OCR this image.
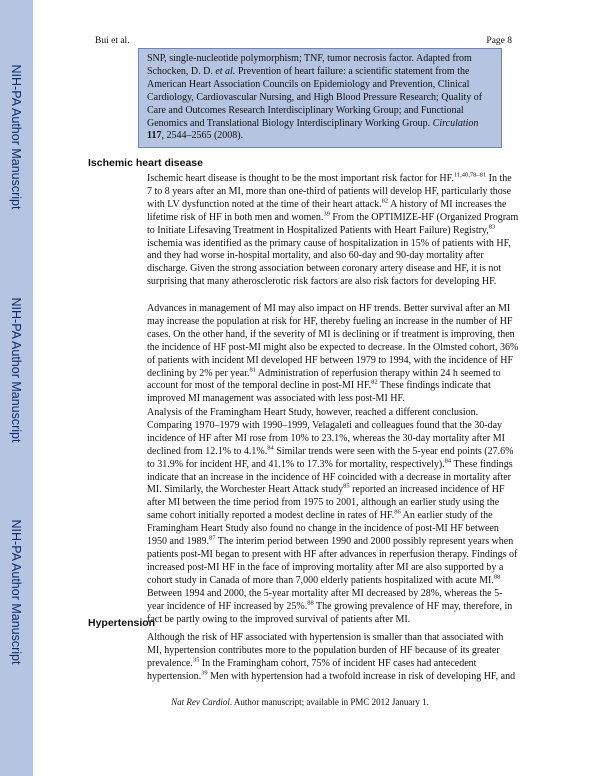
NIH-PA Author Manuscript
NIH-PA Author Manuscript
NIH-PA Author Manuscript
Bui et al.	Page 8
SNP, single-nucleotide polymorphism; TNF, tumor necrosis factor. Adapted from Schocken, D. D. et al. Prevention of heart failure: a scientific statement from the American Heart Association Councils on Epidemiology and Prevention, Clinical Cardiology, Cardiovascular Nursing, and High Blood Pressure Research; Quality of Care and Outcomes Research Interdisciplinary Working Group; and Functional Genomics and Translational Biology Interdisciplinary Working Group. Circulation 117, 2544–2565 (2008).
Ischemic heart disease

Ischemic heart disease is thought to be the most important risk factor for HF.$^{11,40,78-81}$ In the 7 to 8 years after an MI, more than one-third of patients will develop HF, particularly those with LV dysfunction noted at the time of their heart attack.$^{82}$ A history of MI increases the lifetime risk of HF in both men and women.$^{39}$ From the OPTIMIZE-HF (Organized Program to Initiate Lifesaving Treatment in Hospitalized Patients with Heart Failure) Registry,$^{83}$ ischemia was identified as the primary cause of hospitalization in 15% of patients with HF, and they had worse in-hospital mortality, and also 60-day and 90-day mortality after discharge. Given the strong association between coronary artery disease and HF, it is not surprising that many atherosclerotic risk factors are also risk factors for developing HF.

Advances in management of MI may also impact on HF trends. Better survival after an MI may increase the population at risk for HF, thereby fueling an increase in the number of HF cases. On the other hand, if the severity of MI is declining or if treatment is improving, then the incidence of HF post-MI might also be expected to decrease. In the Olmsted cohort, 36% of patients with incident MI developed HF between 1979 to 1994, with the incidence of HF declining by 2% per year.$^{81}$ Administration of reperfusion therapy within 24 h seemed to account for most of the temporal decline in post-MI HF.$^{82}$ These findings indicate that improved MI management was associated with less post-MI HF.

Analysis of the Framingham Heart Study, however, reached a different conclusion. Comparing 1970–1979 with 1990–1999, Velagaleti and colleagues found that the 30-day incidence of HF after MI rose from 10% to 23.1%, whereas the 30-day mortality after MI declined from 12.1% to 4.1%.$^{84}$ Similar trends were seen with the 5-year end points (27.6% to 31.9% for incident HF, and 41.1% to 17.3% for mortality, respectively).$^{84}$ These findings indicate that an increase in the incidence of HF coincided with a decrease in mortality after MI. Similarly, the Worchester Heart Attack study$^{85}$ reported an increased incidence of HF after MI between the time period from 1975 to 2001, although an earlier study using the same cohort initially reported a modest decline in rates of HF.$^{86}$ An earlier study of the Framingham Heart Study also found no change in the incidence of post-MI HF between 1950 and 1989.87 The interim period between 1990 and 2000 possibly represent years when patients post-MI began to present with HF after advances in reperfusion therapy. Findings of increased post-MI HF in the face of improving mortality after MI are also supported by a cohort study in Canada of more than 7,000 elderly patients hospitalized with acute MI.$^{88}$ Between 1994 and 2000, the 5-year mortality after MI decreased by 28%, whereas the 5-year incidence of HF increased by 25%.$^{88}$ The growing prevalence of HF may, therefore, in fact be partly owing to the improved survival of patients after MI.

Hypertension

Although the risk of HF associated with hypertension is smaller than that associated with MI, hypertension contributes more to the population burden of HF because of its greater prevalence.$^{35}$ In the Framingham cohort, 75% of incident HF cases had antecedent hypertension.$^{39}$ Men with hypertension had a twofold increase in risk of developing HF, and

Nat Rev Cardiol. Author manuscript; available in PMC 2012 January 1.
